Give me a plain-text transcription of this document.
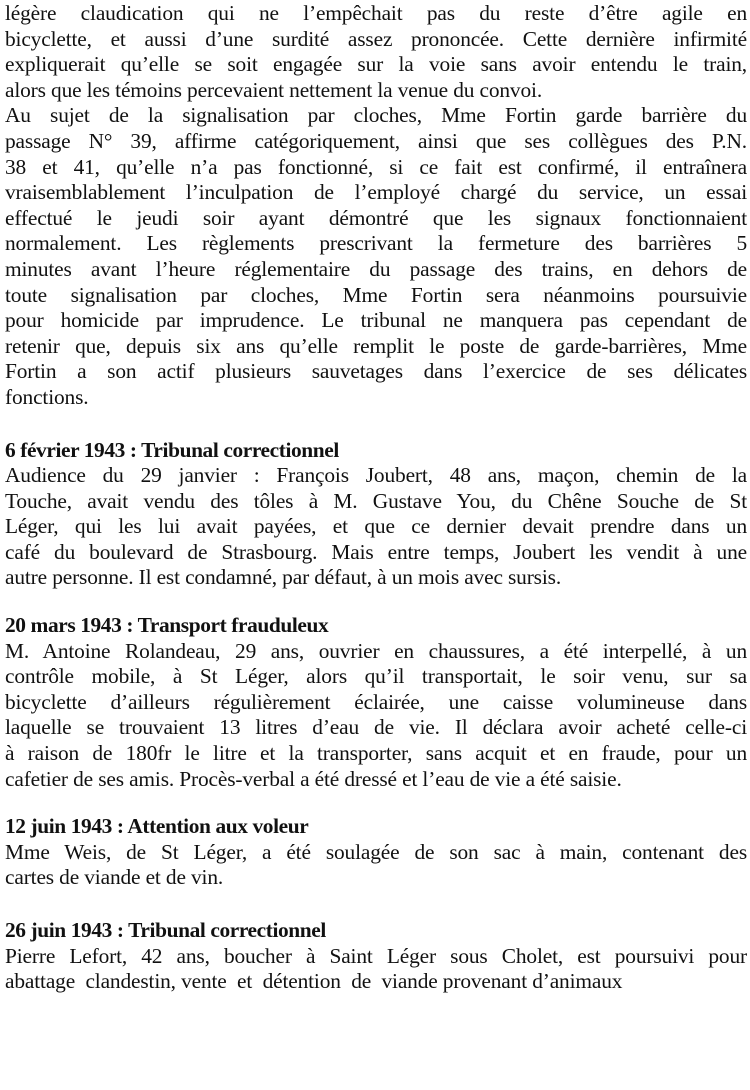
légère claudication qui ne l’empêchait pas du reste d’être agile en
bicyclette, et aussi d’une surdité assez prononcée. Cette dernière infirmité
expliquerait qu’elle se soit engagée sur la voie sans avoir entendu le train,
alors que les témoins percevaient nettement la venue du convoi.
Au sujet de la signalisation par cloches, Mme Fortin garde barrière du
passage N° 39, affirme catégoriquement, ainsi que ses collègues des P.N.
38 et 41, qu’elle n’a pas fonctionné, si ce fait est confirmé, il entraînera
vraisemblablement l’inculpation de l’employé chargé du service, un essai
effectué le jeudi soir ayant démontré que les signaux fonctionnaient
normalement. Les règlements prescrivant la fermeture des barrières 5
minutes avant l’heure réglementaire du passage des trains, en dehors de
toute signalisation par cloches, Mme Fortin sera néanmoins poursuivie
pour homicide par imprudence. Le tribunal ne manquera pas cependant de
retenir que, depuis six ans qu’elle remplit le poste de garde-barrières, Mme
Fortin a son actif plusieurs sauvetages dans l’exercice de ses délicates
fonctions.
6 février 1943 : Tribunal correctionnel
Audience du 29 janvier : François Joubert, 48 ans, maçon, chemin de la
Touche, avait vendu des tôles à M. Gustave You, du Chêne Souche de St
Léger, qui les lui avait payées, et que ce dernier devait prendre dans un
café du boulevard de Strasbourg. Mais entre temps, Joubert les vendit à une
autre personne. Il est condamné, par défaut, à un mois avec sursis.
20 mars 1943 : Transport frauduleux
M. Antoine Rolandeau, 29 ans, ouvrier en chaussures, a été interpellé, à un
contrôle mobile, à St Léger, alors qu’il transportait, le soir venu, sur sa
bicyclette d’ailleurs régulièrement éclairée, une caisse volumineuse dans
laquelle se trouvaient 13 litres d’eau de vie. Il déclara avoir acheté celle-ci
à raison de 180fr le litre et la transporter, sans acquit et en fraude, pour un
cafetier de ses amis. Procès-verbal a été dressé et l’eau de vie a été saisie.
12 juin 1943 : Attention aux voleur
Mme Weis, de St Léger, a été soulagée de son sac à main, contenant des
cartes de viande et de vin.
26 juin 1943 : Tribunal correctionnel
Pierre Lefort, 42 ans, boucher à Saint Léger sous Cholet, est poursuivi pour
abattage  clandestin, vente  et  détention  de  viande provenant d’animaux
